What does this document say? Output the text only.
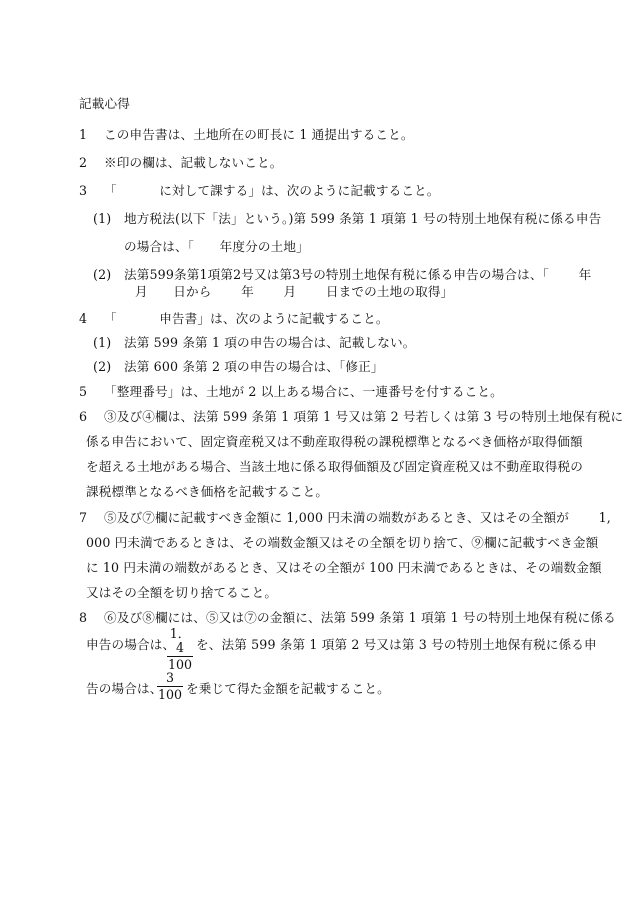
記載心得
1　 この申告書は、土地所在の町長に 1 通提出すること。
2　 ※印の欄は、記載しないこと。
3　 「　　　 に対して課する」は、次のように記載すること。
(1)　地方税法(以下「法」という。)第 599 条第 1 項第 1 号の特別土地保有税に係る申告
の場合は、「　　年度分の土地」
(2)　法第599条第1項第2号又は第3号の特別土地保有税に係る申告の場合は、「　　 年
月　　日から　　 年　　 月　　 日までの土地の取得」
4　 「　　　 申告書」は、次のように記載すること。
(1)　法第 599 条第 1 項の申告の場合は、記載しない。
(2)　法第 600 条第 2 項の申告の場合は、「修正」
5　 「整理番号」は、土地が 2 以上ある場合に、一連番号を付すること。
6　 ③及び④欄は、法第 599 条第 1 項第 1 号又は第 2 号若しくは第 3 号の特別土地保有税に
係る申告において、固定資産税又は不動産取得税の課税標準となるべき価格が取得価額
を超える土地がある場合、当該土地に係る取得価額及び固定資産税又は不動産取得税の
課税標準となるべき価格を記載すること。
7　 ⑤及び⑦欄に記載すべき金額に 1,000 円未満の端数があるとき、又はその全額が　　 1,
000 円未満であるときは、その端数金額又はその全額を切り捨て、⑨欄に記載すべき金額
に 10 円未満の端数があるとき、又はその全額が 100 円未満であるときは、その端数金額
又はその全額を切り捨てること。
8　 ⑥及び⑧欄には、⑤又は⑦の金額に、法第 599 条第 1 項第 1 号の特別土地保有税に係る
申告の場合は、
1．4
100
を、法第 599 条第 1 項第 2 号又は第 3 号の特別土地保有税に係る申
告の場合は、
3
100 を乗じて得た金額を記載すること。
